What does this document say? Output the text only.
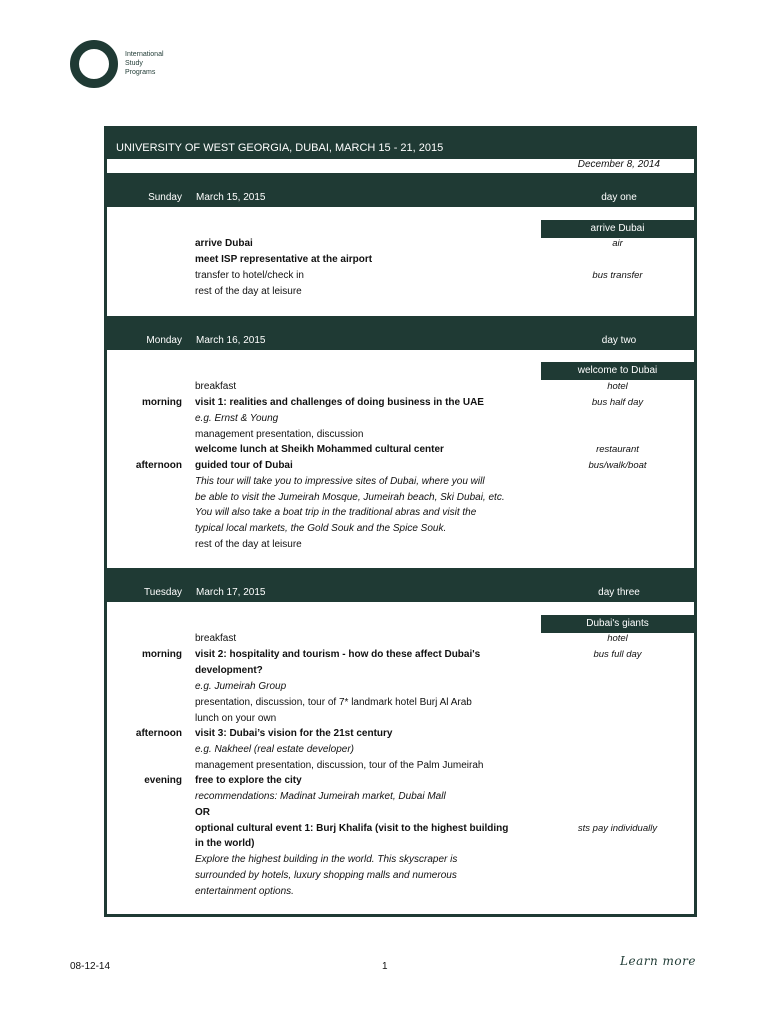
International
Study
Programs
UNIVERSITY OF WEST GEORGIA, DUBAI, MARCH 15 - 21, 2015
December 8, 2014
Sunday March 15, 2015	day one
arrive Dubai
arrive Dubai	air
meet ISP representative at the airport
transfer to hotel/check in	bus transfer
rest of the day at leisure
Monday March 16, 2015	day two
welcome to Dubai
breakfast	hotel
morning visit 1: realities and challenges of doing business in the UAE	bus half day
e.g. Ernst & Young
management presentation, discussion
welcome lunch at Sheikh Mohammed cultural center	restaurant
afternoon guided tour of Dubai	bus/walk/boat
This tour will take you to impressive sites of Dubai, where you will
be able to visit the Jumeirah Mosque, Jumeirah beach, Ski Dubai, etc.
You will also take a boat trip in the traditional abras and visit the
typical local markets, the Gold Souk and the Spice Souk.
rest of the day at leisure
Tuesday March 17, 2015	day three
Dubai's giants
breakfast	hotel
morning visit 2: hospitality and tourism - how do these affect Dubai's	bus full day
development?
e.g. Jumeirah Group
presentation, discussion, tour of 7* landmark hotel Burj Al Arab
lunch on your own
afternoon visit 3: Dubai’s vision for the 21st century
e.g. Nakheel (real estate developer)
management presentation, discussion, tour of the Palm Jumeirah
evening free to explore the city
recommendations: Madinat Jumeirah market, Dubai Mall
OR
optional cultural event 1: Burj Khalifa (visit to the highest building	sts pay individually
in the world)
Explore the highest building in the world. This skyscraper is
surrounded by hotels, luxury shopping malls and numerous
entertainment options.
08-12-14	1	Learn more
